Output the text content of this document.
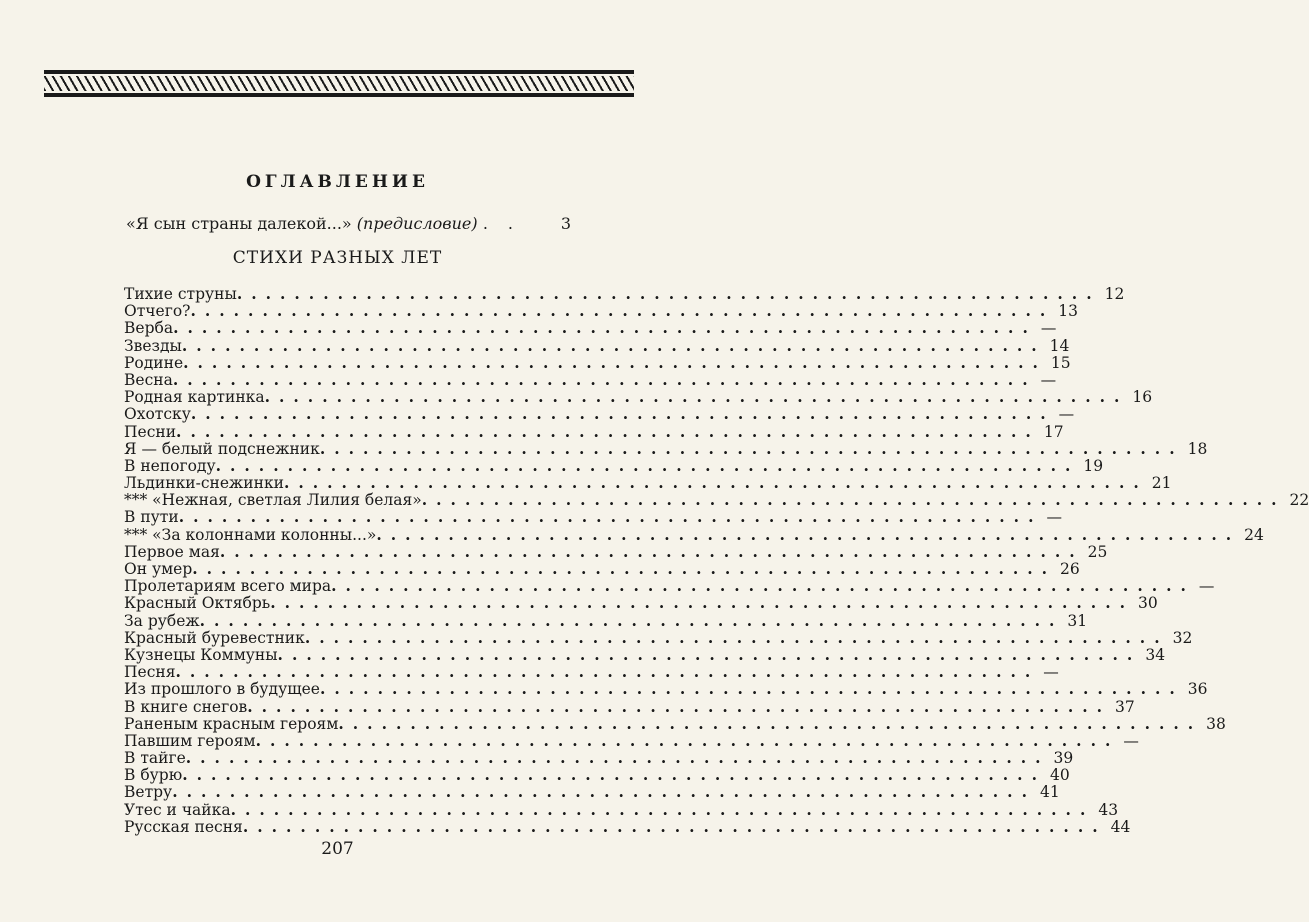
ОГЛАВЛЕНИЕ
«Я сын страны далекой...» (предисловие) ..	3
СТИХИ РАЗНЫХ ЛЕТ
Тихие струны ............................................................ 12
Отчего? ............................................................ 13
Верба ............................................................ —
Звезды ............................................................ 14
Родине ............................................................ 15
Весна ............................................................ —
Родная картинка ............................................................ 16
Охотску ............................................................ —
Песни ............................................................ 17
Я — белый подснежник ............................................................ 18
В непогоду ............................................................ 19
Льдинки-снежинки ............................................................ 21
*** «Нежная, светлая Лилия белая» ............................................................ 22
В пути ............................................................ —
*** «За колоннами колонны...» ............................................................ 24
Первое мая ............................................................ 25
Он умер ............................................................ 26
Пролетариям всего мира ............................................................ —
Красный Октябрь ............................................................ 30
За рубеж ............................................................ 31
Красный буревестник ............................................................ 32
Кузнецы Коммуны ............................................................ 34
Песня ............................................................ —
Из прошлого в будущее ............................................................ 36
В книге снегов ............................................................ 37
Раненым красным героям ............................................................ 38
Павшим героям ............................................................ —
В тайге ............................................................ 39
В бурю ............................................................ 40
Ветру ............................................................ 41
Утес и чайка ............................................................ 43
Русская песня ............................................................ 44
207
